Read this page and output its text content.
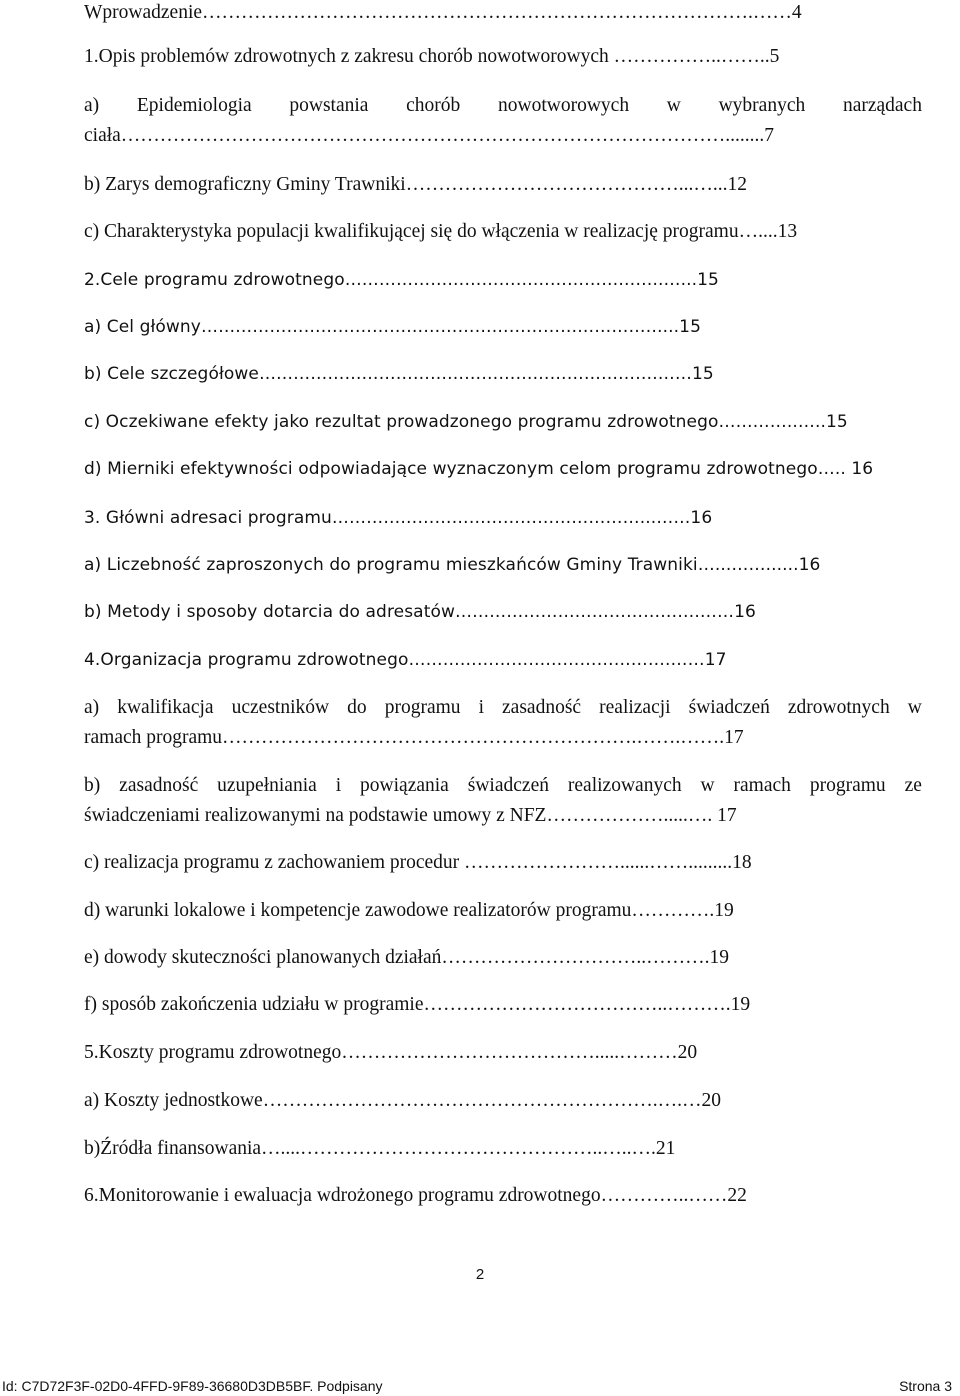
Wprowadzenie………………………………………………………………………….……4
1.Opis problemów zdrowotnych z zakresu chorób nowotworowych ……………..……..5
a) Epidemiologia powstania chorób nowotworowych w wybranych narządach
ciała…………………………………………………………………………………........7
b) Zarys demograficzny Gminy Trawniki……………………………………...…...12
c) Charakterystyka populacji kwalifikującej się do włączenia w realizację programu…....13
2.Cele programu zdrowotnego………………………………………………..…...15
a) Cel główny………………………………………………………………………...15
b) Cele szczegółowe…………………………………………………………….……15
c) Oczekiwane efekty jako rezultat prowadzonego programu zdrowotnego…………..…..15
d) Mierniki efektywności odpowiadające wyznaczonym celom programu zdrowotnego….. 16
3. Główni adresaci programu………………………………………………...……16
a) Liczebność zaproszonych do programu mieszkańców Gminy Trawniki…...……......16
b) Metody i sposoby dotarcia do adresatów…………………………………….……16
4.Organizacja programu zdrowotnego……………………………………….……17
a) kwalifikacja uczestników do programu i zasadność realizacji świadczeń zdrowotnych w
ramach programu……………………………………………………….…….…….17
b) zasadność uzupełniania i powiązania świadczeń realizowanych w ramach programu ze
świadczeniami realizowanymi na podstawie umowy z NFZ……………….....…. 17
c) realizacja programu z zachowaniem procedur ……………………......…….........18
d) warunki lokalowe i kompetencje zawodowe realizatorów programu………….19
e) dowody skuteczności planowanych działań…………………………..……….19
f) sposób zakończenia udziału w programie………………………………..……….19
5.Koszty programu zdrowotnego………………………………….....………20
a) Koszty jednostkowe…………………………………………………….….…20
b)Źródła finansowania…....………………………………………..…..….21
6.Monitorowanie i ewaluacja wdrożonego programu zdrowotnego…………..……22
2
Id: C7D72F3F-02D0-4FFD-9F89-36680D3DB5BF. Podpisany	Strona 3
